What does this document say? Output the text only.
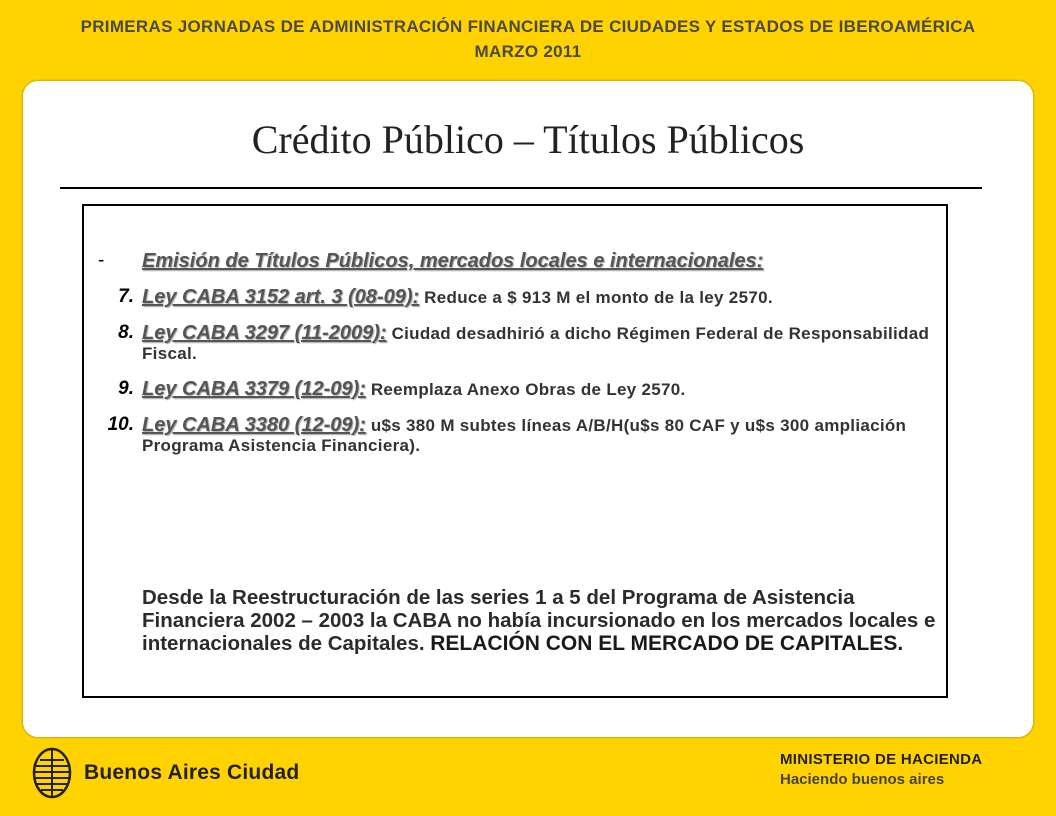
PRIMERAS JORNADAS DE ADMINISTRACIÓN FINANCIERA DE CIUDADES Y ESTADOS DE IBEROAMÉRICA
MARZO 2011
Crédito Público – Títulos Públicos
-	Emisión de Títulos Públicos, mercados locales e internacionales:
7. Ley CABA 3152 art. 3 (08-09): Reduce a $ 913 M el monto de la ley 2570.
8. Ley CABA 3297 (11-2009): Ciudad desadhirió a dicho Régimen Federal de Responsabilidad Fiscal.
9. Ley CABA 3379 (12-09): Reemplaza Anexo Obras de Ley 2570.
10. Ley CABA 3380 (12-09): u$s 380 M subtes líneas A/B/H(u$s 80 CAF y u$s 300 ampliación Programa Asistencia Financiera).
Desde la Reestructuración de las series 1 a 5 del Programa de Asistencia Financiera 2002 – 2003 la CABA no había incursionado en los mercados locales e internacionales de Capitales. RELACIÓN CON EL MERCADO DE CAPITALES.
Buenos Aires Ciudad
MINISTERIO DE HACIENDA
Haciendo buenos aires
